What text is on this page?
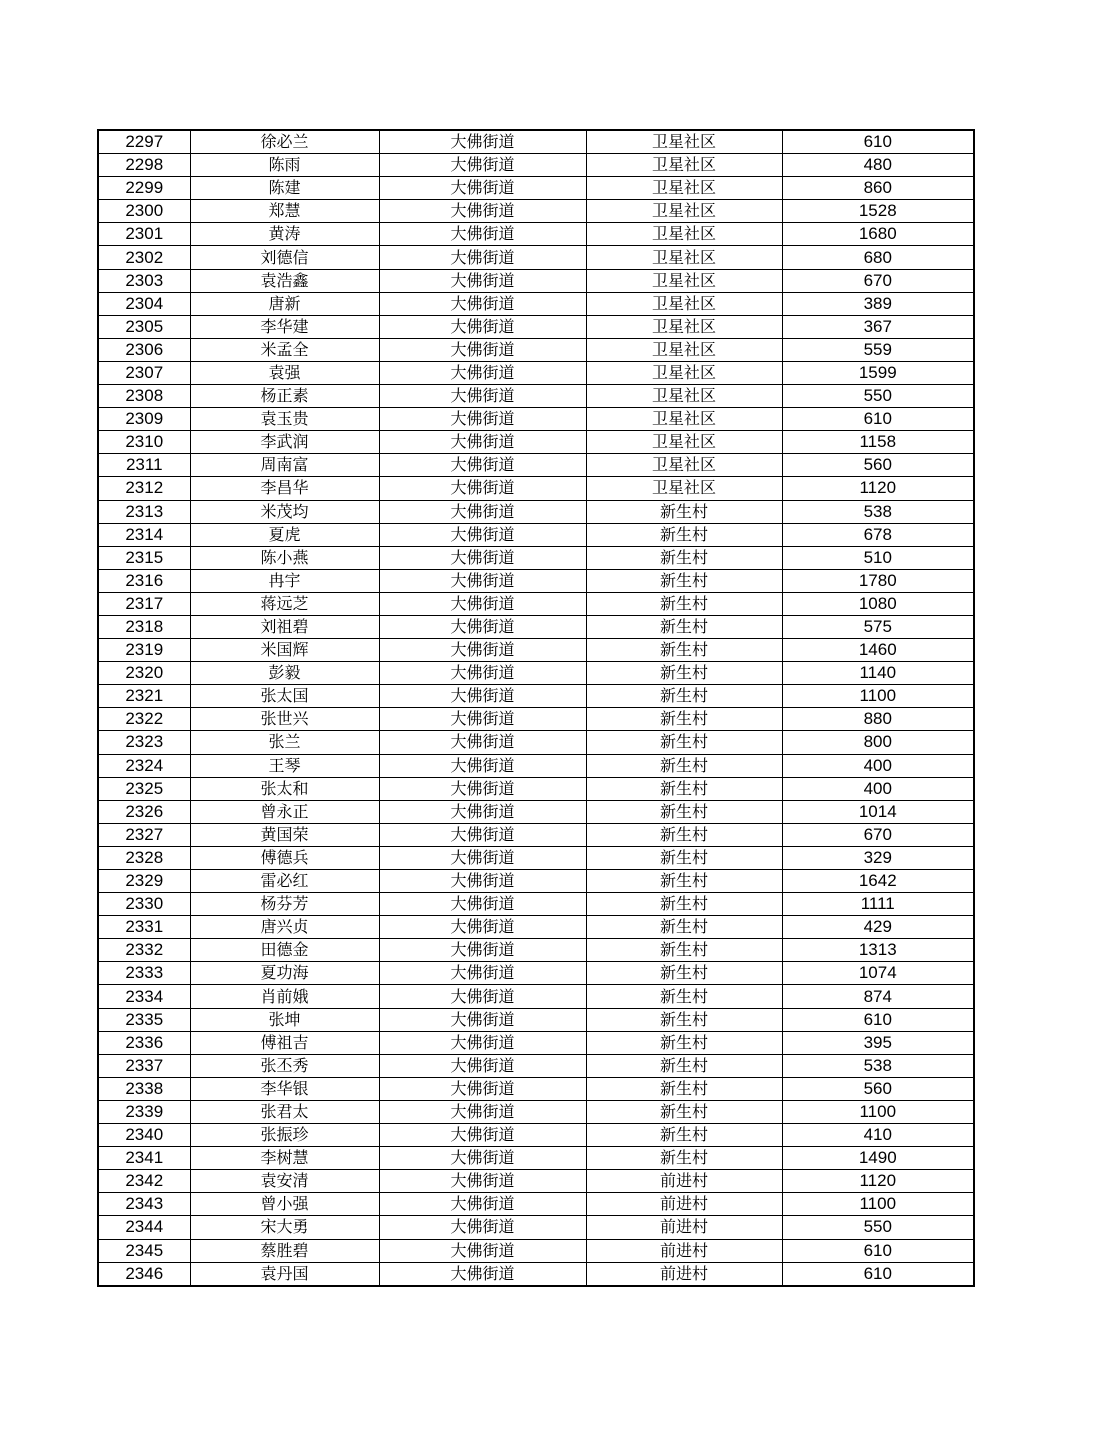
2297	徐必兰	大佛街道	卫星社区	610
2298	陈雨	大佛街道	卫星社区	480
2299	陈建	大佛街道	卫星社区	860
2300	郑慧	大佛街道	卫星社区	1528
2301	黄涛	大佛街道	卫星社区	1680
2302	刘德信	大佛街道	卫星社区	680
2303	袁浩鑫	大佛街道	卫星社区	670
2304	唐新	大佛街道	卫星社区	389
2305	李华建	大佛街道	卫星社区	367
2306	米孟全	大佛街道	卫星社区	559
2307	袁强	大佛街道	卫星社区	1599
2308	杨正素	大佛街道	卫星社区	550
2309	袁玉贵	大佛街道	卫星社区	610
2310	李武润	大佛街道	卫星社区	1158
2311	周南富	大佛街道	卫星社区	560
2312	李昌华	大佛街道	卫星社区	1120
2313	米茂均	大佛街道	新生村	538
2314	夏虎	大佛街道	新生村	678
2315	陈小燕	大佛街道	新生村	510
2316	冉宇	大佛街道	新生村	1780
2317	蒋远芝	大佛街道	新生村	1080
2318	刘祖碧	大佛街道	新生村	575
2319	米国辉	大佛街道	新生村	1460
2320	彭毅	大佛街道	新生村	1140
2321	张太国	大佛街道	新生村	1100
2322	张世兴	大佛街道	新生村	880
2323	张兰	大佛街道	新生村	800
2324	王琴	大佛街道	新生村	400
2325	张太和	大佛街道	新生村	400
2326	曾永正	大佛街道	新生村	1014
2327	黄国荣	大佛街道	新生村	670
2328	傅德兵	大佛街道	新生村	329
2329	雷必红	大佛街道	新生村	1642
2330	杨芬芳	大佛街道	新生村	1111
2331	唐兴贞	大佛街道	新生村	429
2332	田德金	大佛街道	新生村	1313
2333	夏功海	大佛街道	新生村	1074
2334	肖前娥	大佛街道	新生村	874
2335	张坤	大佛街道	新生村	610
2336	傅祖吉	大佛街道	新生村	395
2337	张丕秀	大佛街道	新生村	538
2338	李华银	大佛街道	新生村	560
2339	张君太	大佛街道	新生村	1100
2340	张振珍	大佛街道	新生村	410
2341	李树慧	大佛街道	新生村	1490
2342	袁安清	大佛街道	前进村	1120
2343	曾小强	大佛街道	前进村	1100
2344	宋大勇	大佛街道	前进村	550
2345	蔡胜碧	大佛街道	前进村	610
2346	袁丹国	大佛街道	前进村	610
